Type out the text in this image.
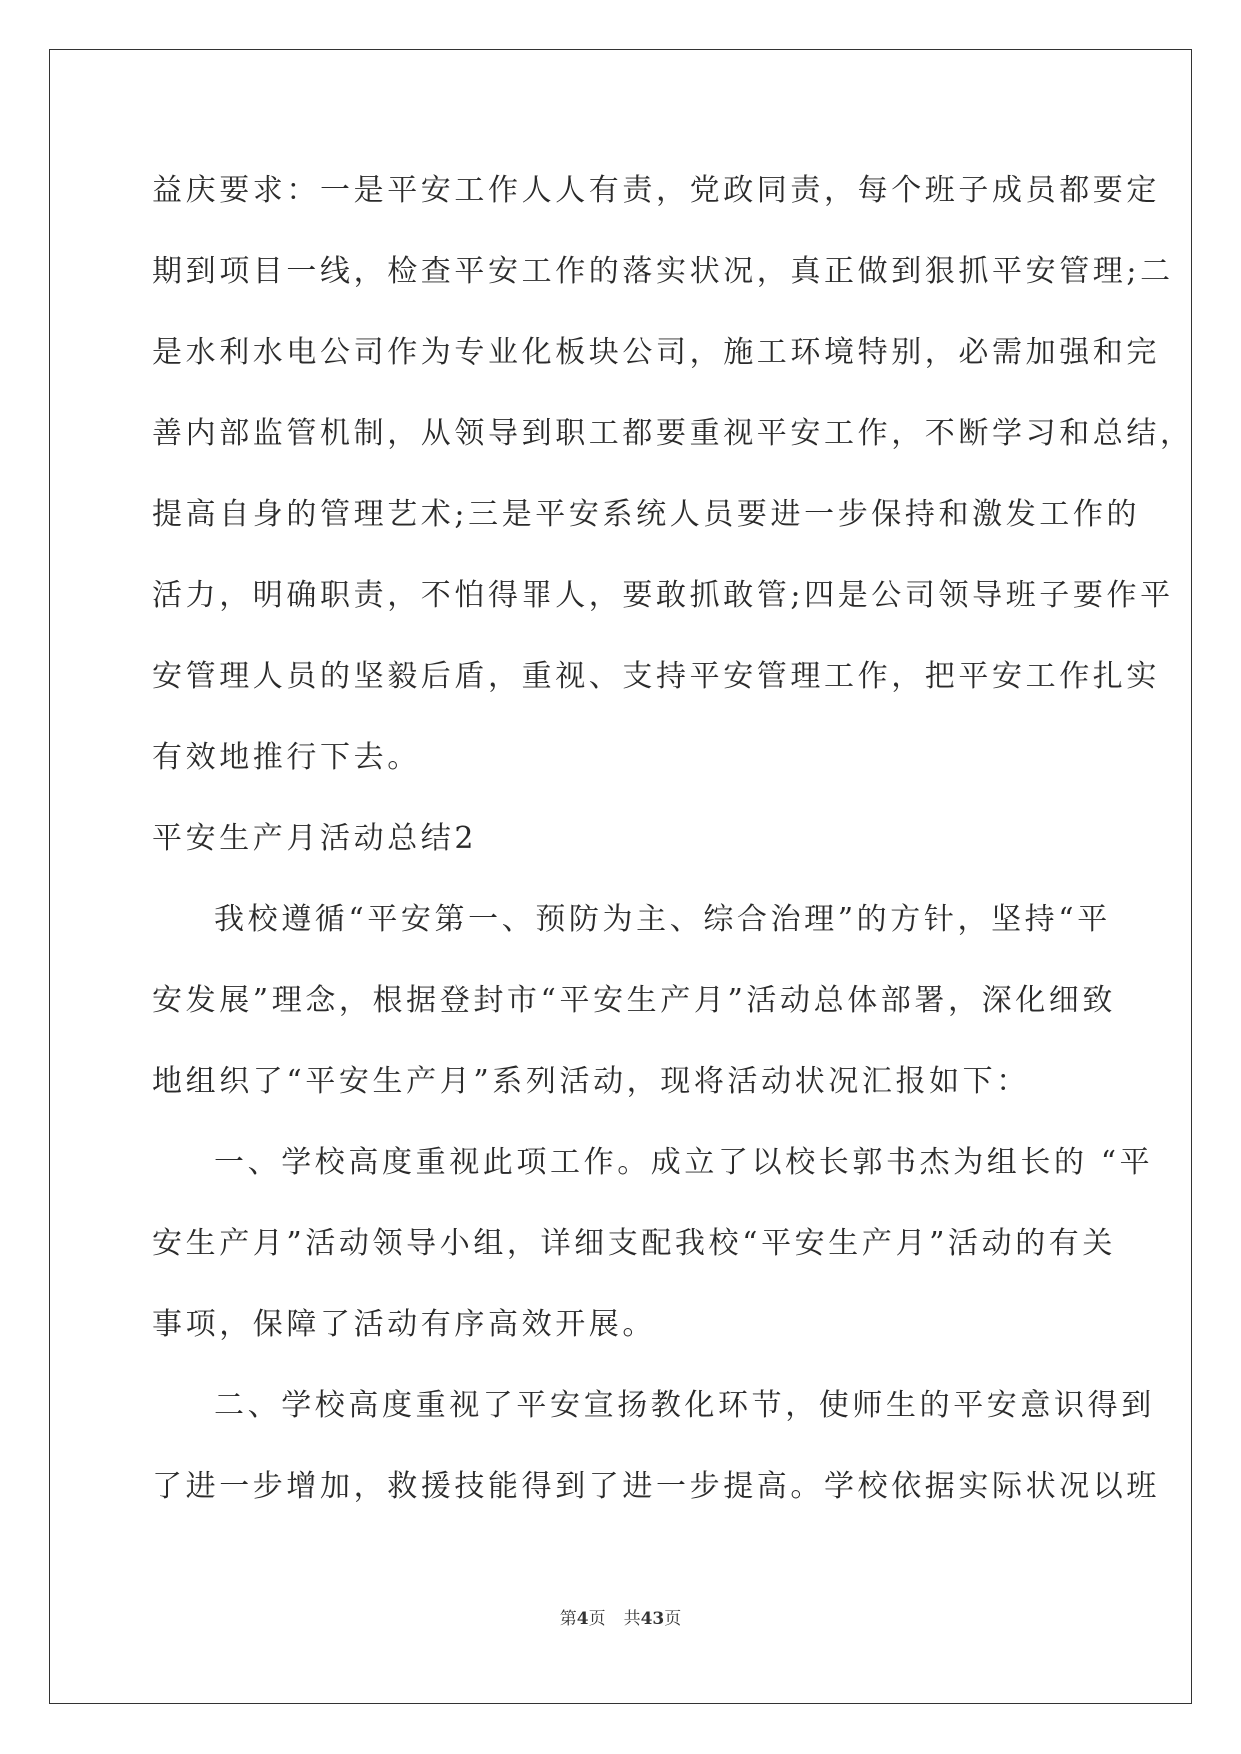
益庆要求：一是平安工作人人有责，党政同责，每个班子成员都要定
期到项目一线，检查平安工作的落实状况，真正做到狠抓平安管理;二
是水利水电公司作为专业化板块公司，施工环境特别，必需加强和完
善内部监管机制，从领导到职工都要重视平安工作，不断学习和总结，
提高自身的管理艺术;三是平安系统人员要进一步保持和激发工作的
活力，明确职责，不怕得罪人，要敢抓敢管;四是公司领导班子要作平
安管理人员的坚毅后盾，重视、支持平安管理工作，把平安工作扎实
有效地推行下去。
平安生产月活动总结2
我校遵循“平安第一、预防为主、综合治理”的方针，坚持“平
安发展”理念，根据登封市“平安生产月”活动总体部署，深化细致
地组织了“平安生产月”系列活动，现将活动状况汇报如下：
一、学校高度重视此项工作。成立了以校长郭书杰为组长的 “平
安生产月”活动领导小组，详细支配我校“平安生产月”活动的有关
事项，保障了活动有序高效开展。
二、学校高度重视了平安宣扬教化环节，使师生的平安意识得到
了进一步增加，救援技能得到了进一步提高。学校依据实际状况以班
第4页 共43页
